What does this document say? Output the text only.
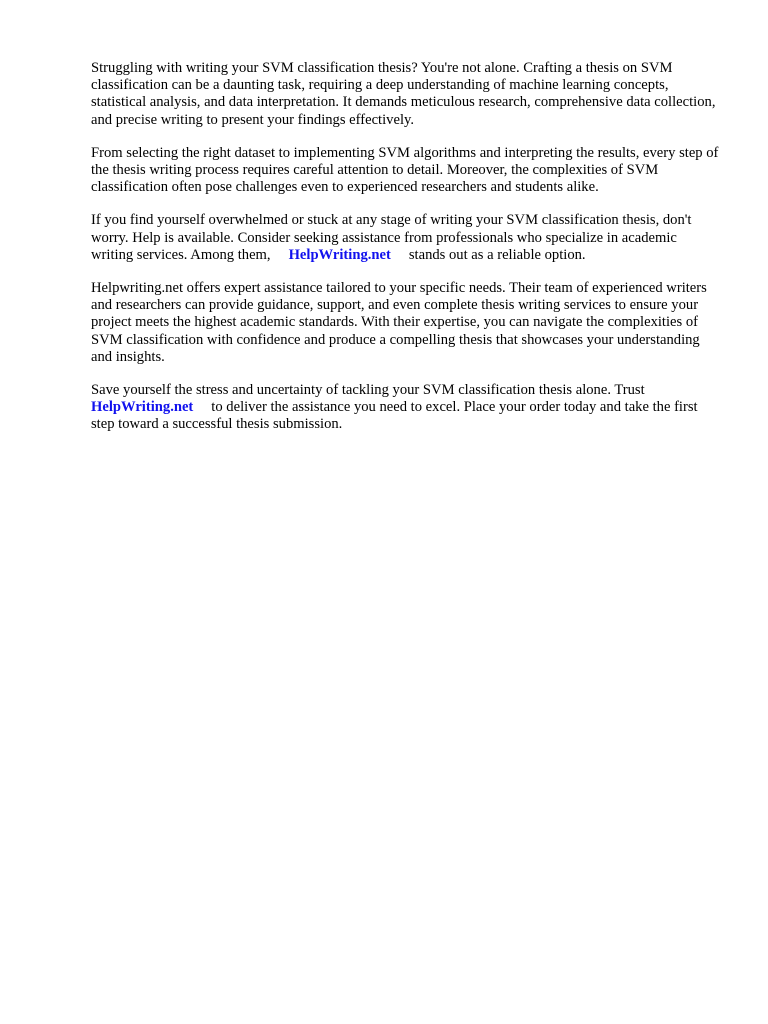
Struggling with writing your SVM classification thesis? You're not alone. Crafting a thesis on SVM classification can be a daunting task, requiring a deep understanding of machine learning concepts, statistical analysis, and data interpretation. It demands meticulous research, comprehensive data collection, and precise writing to present your findings effectively.

From selecting the right dataset to implementing SVM algorithms and interpreting the results, every step of the thesis writing process requires careful attention to detail. Moreover, the complexities of SVM classification often pose challenges even to experienced researchers and students alike.

If you find yourself overwhelmed or stuck at any stage of writing your SVM classification thesis, don't worry. Help is available. Consider seeking assistance from professionals who specialize in academic writing services. Among them, HelpWriting.net stands out as a reliable option.

Helpwriting.net offers expert assistance tailored to your specific needs. Their team of experienced writers and researchers can provide guidance, support, and even complete thesis writing services to ensure your project meets the highest academic standards. With their expertise, you can navigate the complexities of SVM classification with confidence and produce a compelling thesis that showcases your understanding and insights.

Save yourself the stress and uncertainty of tackling your SVM classification thesis alone. Trust
HelpWriting.net to deliver the assistance you need to excel. Place your order today and take the first step toward a successful thesis submission.
